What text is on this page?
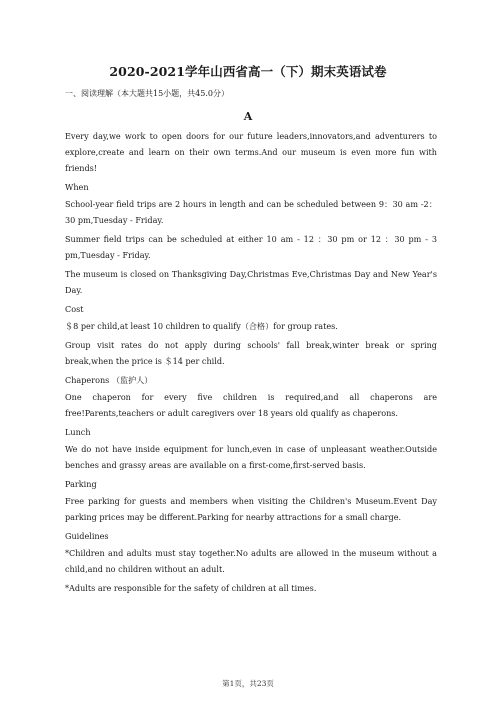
2020-2021学年山西省高一（下）期末英语试卷
一、阅读理解（本大题共15小题，共45.0分）
A

Every day,we work to open doors for our future leaders,innovators,and adventurers to explore,create and learn on their own terms.And our museum is even more fun with friends!

When

School-year field trips are 2 hours in length and can be scheduled between 9：30 am -2：30 pm,Tuesday - Friday.

Summer field trips can be scheduled at either 10 am - 12 ：30 pm or 12 ：30 pm - 3 pm,Tuesday - Friday.

The museum is closed on Thanksgiving Day,Christmas Eve,Christmas Day and New Year's Day.

Cost

＄8 per child,at least 10 children to qualify（合格）for group rates.

Group visit rates do not apply during schools' fall break,winter break or spring break,when the price is ＄14 per child.

Chaperons （监护人）

One chaperon for every five children is required,and all chaperons are free!Parents,teachers or adult caregivers over 18 years old qualify as chaperons.

Lunch

We do not have inside equipment for lunch,even in case of unpleasant weather.Outside benches and grassy areas are available on a first-come,first-served basis.

Parking

Free parking for guests and members when visiting the Children's Museum.Event Day parking prices may be different.Parking for nearby attractions for a small charge.

Guidelines

*Children and adults must stay together.No adults are allowed in the museum without a child,and no children without an adult.

*Adults are responsible for the safety of children at all times.

第1页，共23页
